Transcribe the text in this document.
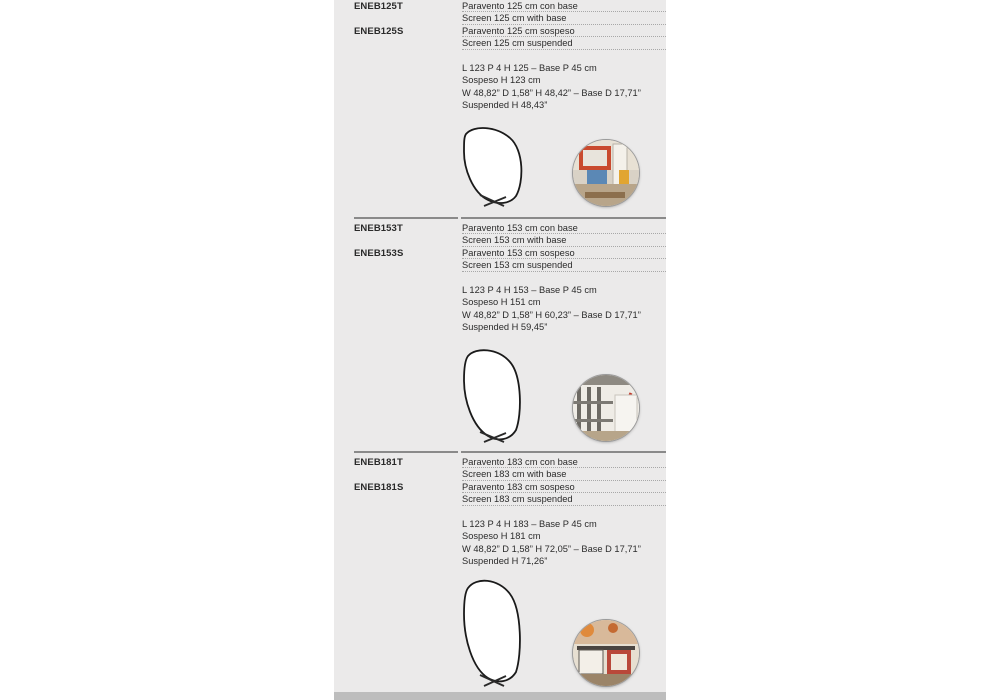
ENEB125T
ENEB125S
Paravento 125 cm con base
Screen 125 cm with base
Paravento 125 cm sospeso
Screen 125 cm suspended
L 123 P 4 H 125 – Base P 45 cm
Sospeso H 123 cm
W 48,82” D 1,58” H 48,42” – Base D 17,71”
Suspended H 48,43”
ENEB153T
ENEB153S
Paravento 153 cm con base
Screen 153 cm with base
Paravento 153 cm sospeso
Screen 153 cm suspended
L 123 P 4 H 153 – Base P 45 cm
Sospeso H 151 cm
W 48,82” D 1,58” H 60,23” – Base D 17,71”
Suspended H 59,45”
ENEB181T
ENEB181S
Paravento 183 cm con base
Screen 183 cm with base
Paravento 183 cm sospeso
Screen 183 cm suspended
L 123 P 4 H 183 – Base P 45 cm
Sospeso H 181 cm
W 48,82” D 1,58” H 72,05” – Base D 17,71”
Suspended H 71,26”
